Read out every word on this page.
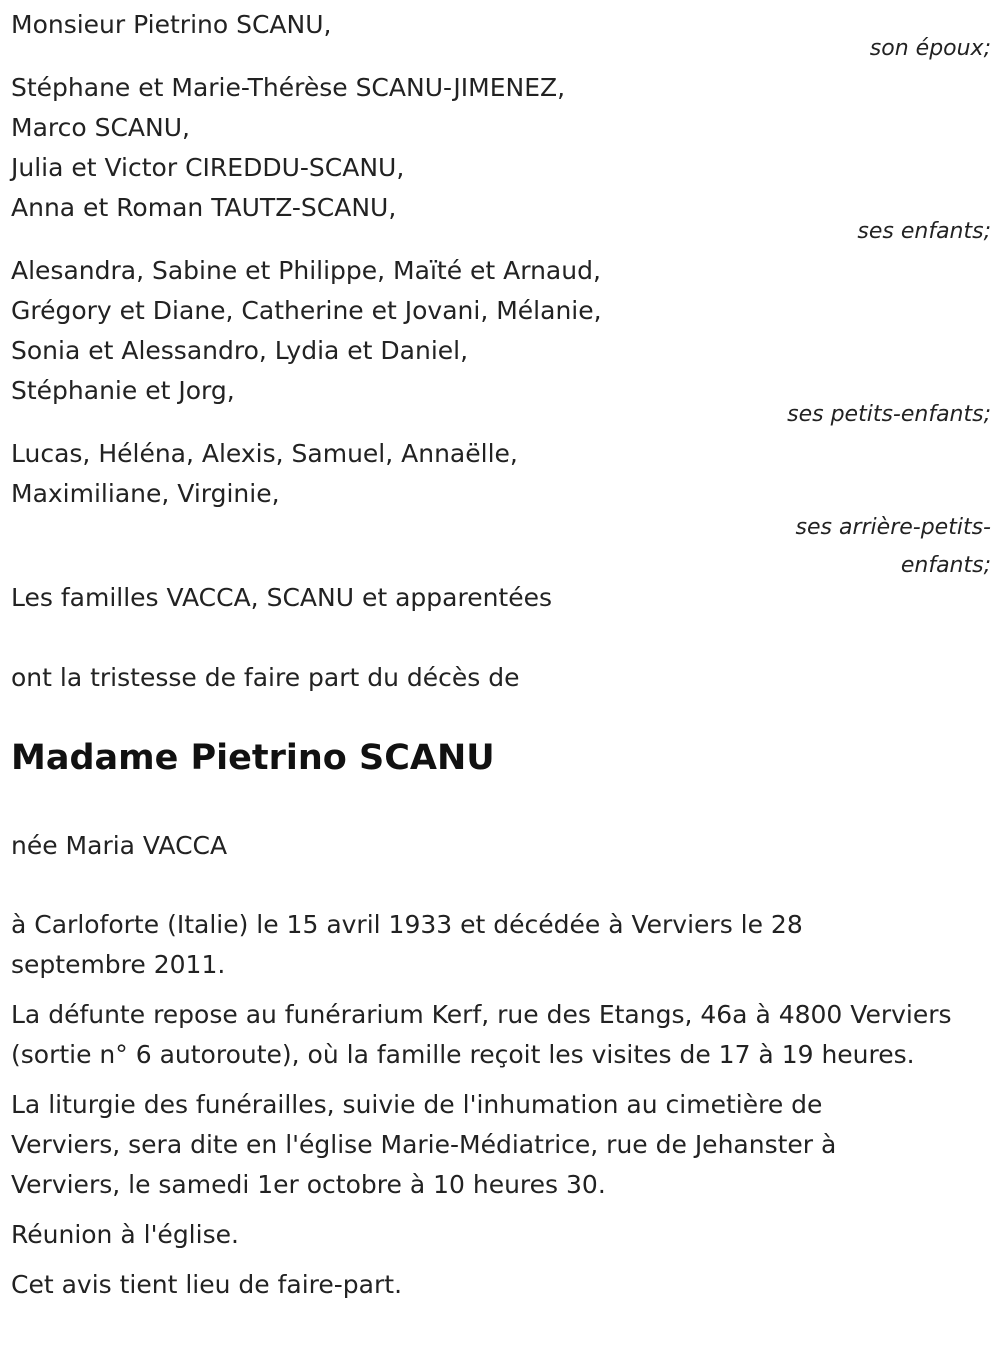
Monsieur Pietrino SCANU,
son époux;
Stéphane et Marie-Thérèse SCANU-JIMENEZ,
Marco SCANU,
Julia et Victor CIREDDU-SCANU,
Anna et Roman TAUTZ-SCANU,
ses enfants;
Alesandra, Sabine et Philippe, Maïté et Arnaud,
Grégory et Diane, Catherine et Jovani, Mélanie,
Sonia et Alessandro, Lydia et Daniel,
Stéphanie et Jorg,
ses petits-enfants;
Lucas, Héléna, Alexis, Samuel, Annaëlle,
Maximiliane, Virginie,
ses arrière-petits-
enfants;
Les familles VACCA, SCANU et apparentées
ont la tristesse de faire part du décès de
Madame Pietrino SCANU
née Maria VACCA
à Carloforte (Italie) le 15 avril 1933 et décédée à Verviers le 28 septembre 2011.
La défunte repose au funérarium Kerf, rue des Etangs, 46a à 4800 Verviers (sortie n° 6 autoroute), où la famille reçoit les visites de 17 à 19 heures.
La liturgie des funérailles, suivie de l'inhumation au cimetière de Verviers, sera dite en l'église Marie-Médiatrice, rue de Jehanster à Verviers, le samedi 1er octobre à 10 heures 30.
Réunion à l'église.
Cet avis tient lieu de faire-part.
